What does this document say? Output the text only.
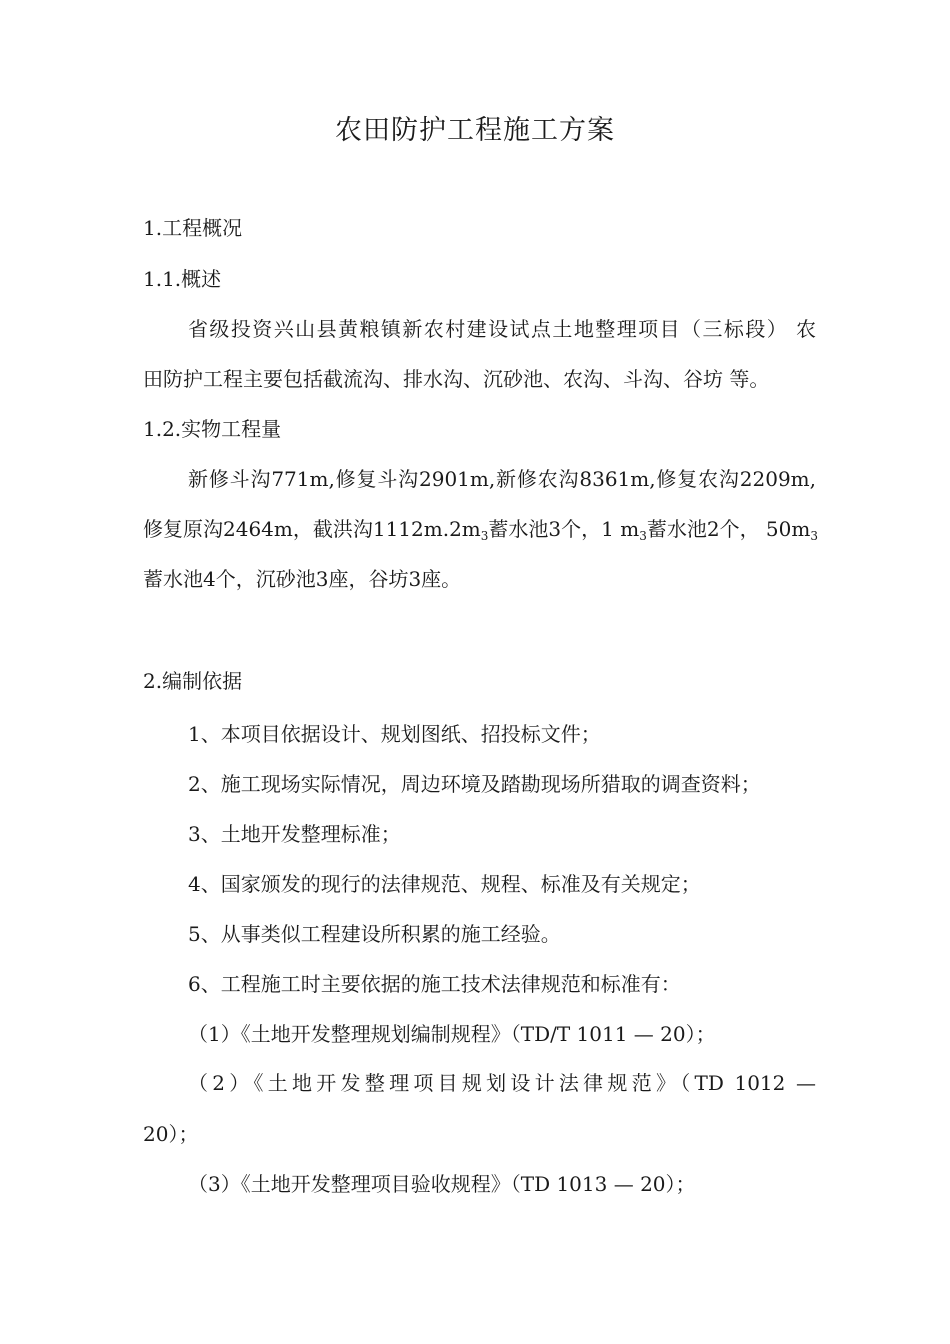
农田防护工程施工方案
1.工程概况
1.1.概述
省级投资兴山县黄粮镇新农村建设试点土地整理项目（三标段） 农
田防护工程主要包括截流沟、排水沟、沉砂池、农沟、斗沟、谷坊 等。
1.2.实物工程量
新修斗沟771m,修复斗沟2901m,新修农沟8361m,修复农沟2209m,
修复原沟2464m，截洪沟$1112m.2m_3$蓄水池3个，1 $m_3$蓄水池2个， $50m_3$
蓄水池4个，沉砂池3座，谷坊3座。
2.编制依据
1、本项目依据设计、规划图纸、招投标文件；
2、施工现场实际情况，周边环境及踏勘现场所猎取的调查资料；
3、土地开发整理标准；
4、国家颁发的现行的法律规范、规程、标准及有关规定；
5、从事类似工程建设所积累的施工经验。
6、工程施工时主要依据的施工技术法律规范和标准有：
（1）《土地开发整理规划编制规程》（TD/T 1011 — 20）；
（2）《土地开发整理项目规划设计法律规范》（TD 1012 —
20）；
（3）《土地开发整理项目验收规程》（TD 1013 — 20）；
